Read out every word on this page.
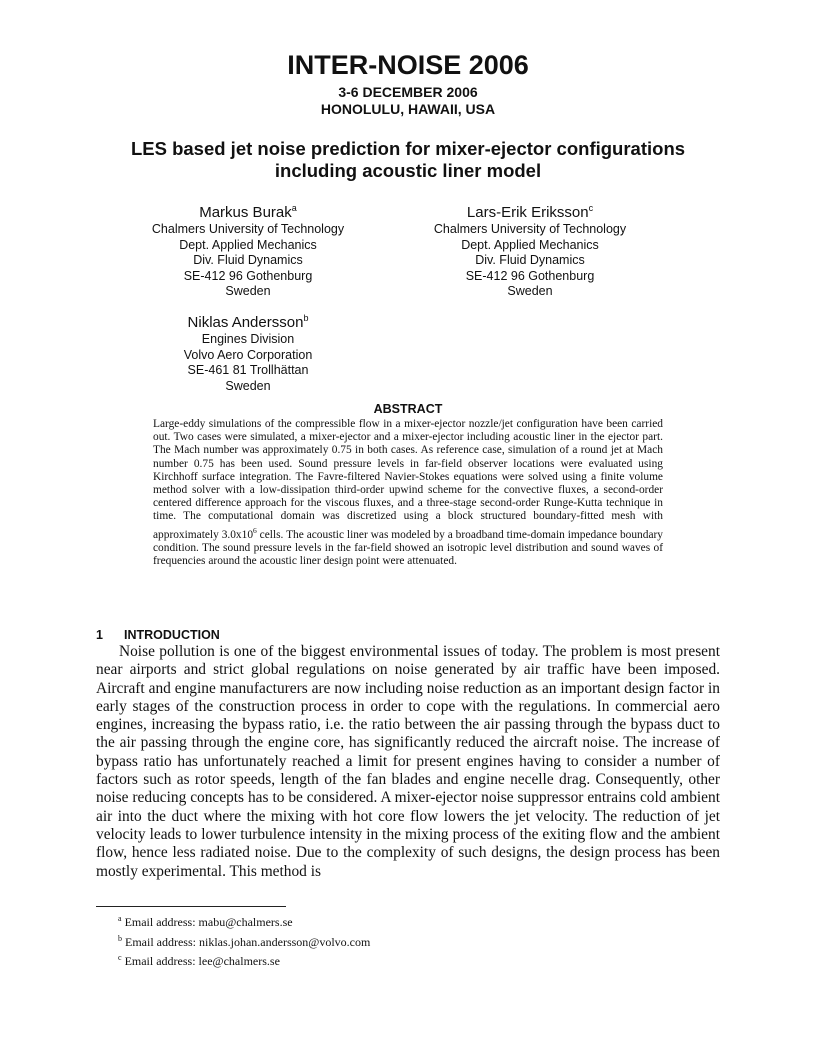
INTER-NOISE 2006
3-6 DECEMBER 2006
HONOLULU, HAWAII, USA
LES based jet noise prediction for mixer-ejector configurations including acoustic liner model
Markus Burak$^a$
Chalmers University of Technology
Dept. Applied Mechanics
Div. Fluid Dynamics
SE-412 96 Gothenburg
Sweden
Lars-Erik Eriksson$^c$
Chalmers University of Technology
Dept. Applied Mechanics
Div. Fluid Dynamics
SE-412 96 Gothenburg
Sweden
Niklas Andersson$^b$
Engines Division
Volvo Aero Corporation
SE-461 81 Trollhättan
Sweden
ABSTRACT
Large-eddy simulations of the compressible flow in a mixer-ejector nozzle/jet configuration have been carried out. Two cases were simulated, a mixer-ejector and a mixer-ejector including acoustic liner in the ejector part. The Mach number was approximately 0.75 in both cases. As reference case, simulation of a round jet at Mach number 0.75 has been used. Sound pressure levels in far-field observer locations were evaluated using Kirchhoff surface integration. The Favre-filtered Navier-Stokes equations were solved using a finite volume method solver with a low-dissipation third-order upwind scheme for the convective fluxes, a second-order centered difference approach for the viscous fluxes, and a three-stage second-order Runge-Kutta technique in time. The computational domain was discretized using a block structured boundary-fitted mesh with approximately $3.0x10^6$ cells. The acoustic liner was modeled by a broadband time-domain impedance boundary condition. The sound pressure levels in the far-field showed an isotropic level distribution and sound waves of frequencies around the acoustic liner design point were attenuated.
1 INTRODUCTION

Noise pollution is one of the biggest environmental issues of today. The problem is most present near airports and strict global regulations on noise generated by air traffic have been imposed. Aircraft and engine manufacturers are now including noise reduction as an important design factor in early stages of the construction process in order to cope with the regulations. In commercial aero engines, increasing the bypass ratio, i.e. the ratio between the air passing through the bypass duct to the air passing through the engine core, has significantly reduced the aircraft noise. The increase of bypass ratio has unfortunately reached a limit for present engines having to consider a number of factors such as rotor speeds, length of the fan blades and engine necelle drag. Consequently, other noise reducing concepts has to be considered. A mixer-ejector noise suppressor entrains cold ambient air into the duct where the mixing with hot core flow lowers the jet velocity. The reduction of jet velocity leads to lower turbulence intensity in the mixing process of the exiting flow and the ambient flow, hence less radiated noise. Due to the complexity of such designs, the design process has been mostly experimental. This method is

$^a$ Email address: mabu@chalmers.se
$^b$ Email address: niklas.johan.andersson@volvo.com
$^c$ Email address: lee@chalmers.se
